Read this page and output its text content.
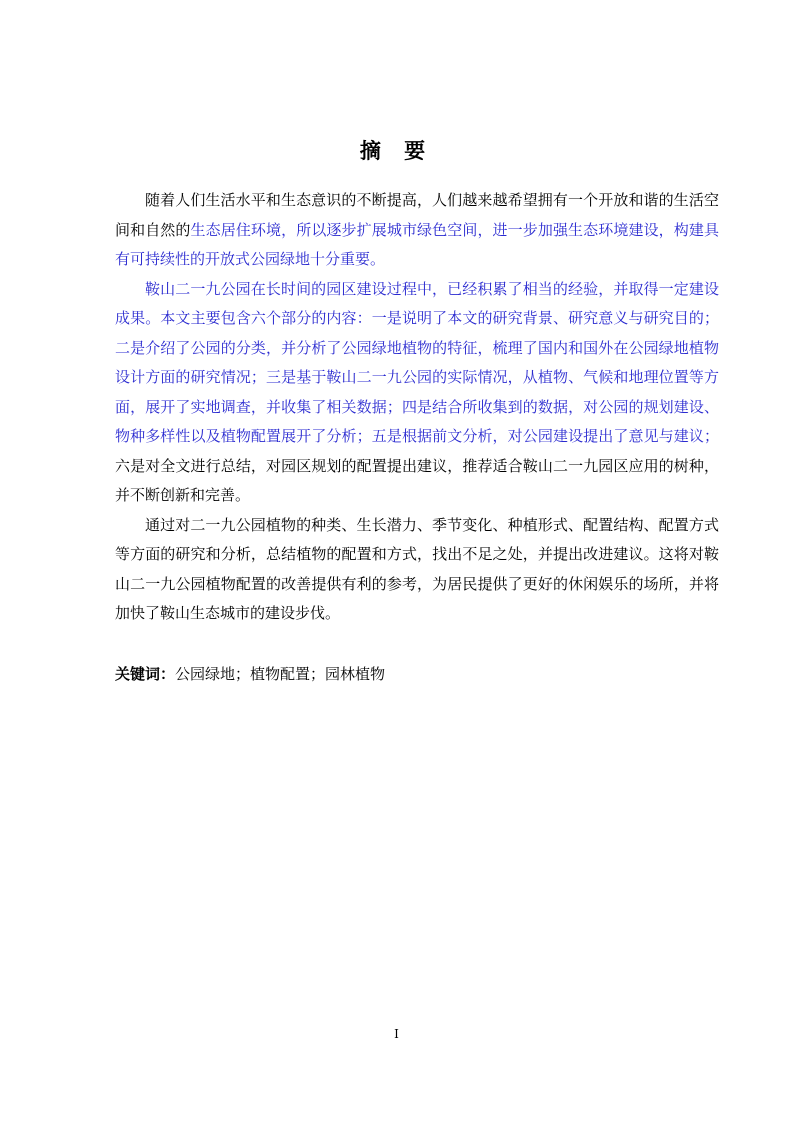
摘 要

随着人们生活水平和生态意识的不断提高，人们越来越希望拥有一个开放和谐的生活空间和自然的生态居住环境，所以逐步扩展城市绿色空间，进一步加强生态环境建设，构建具有可持续性的开放式公园绿地十分重要。

鞍山二一九公园在长时间的园区建设过程中，已经积累了相当的经验，并取得一定建设成果。本文主要包含六个部分的内容：一是说明了本文的研究背景、研究意义与研究目的；二是介绍了公园的分类，并分析了公园绿地植物的特征，梳理了国内和国外在公园绿地植物设计方面的研究情况；三是基于鞍山二一九公园的实际情况，从植物、气候和地理位置等方面，展开了实地调查，并收集了相关数据；四是结合所收集到的数据，对公园的规划建设、物种多样性以及植物配置展开了分析；五是根据前文分析，对公园建设提出了意见与建议；六是对全文进行总结，对园区规划的配置提出建议，推荐适合鞍山二一九园区应用的树种，并不断创新和完善。

通过对二一九公园植物的种类、生长潜力、季节变化、种植形式、配置结构、配置方式等方面的研究和分析，总结植物的配置和方式，找出不足之处，并提出改进建议。这将对鞍山二一九公园植物配置的改善提供有利的参考，为居民提供了更好的休闲娱乐的场所，并将加快了鞍山生态城市的建设步伐。

关键词：公园绿地；植物配置；园林植物
I
